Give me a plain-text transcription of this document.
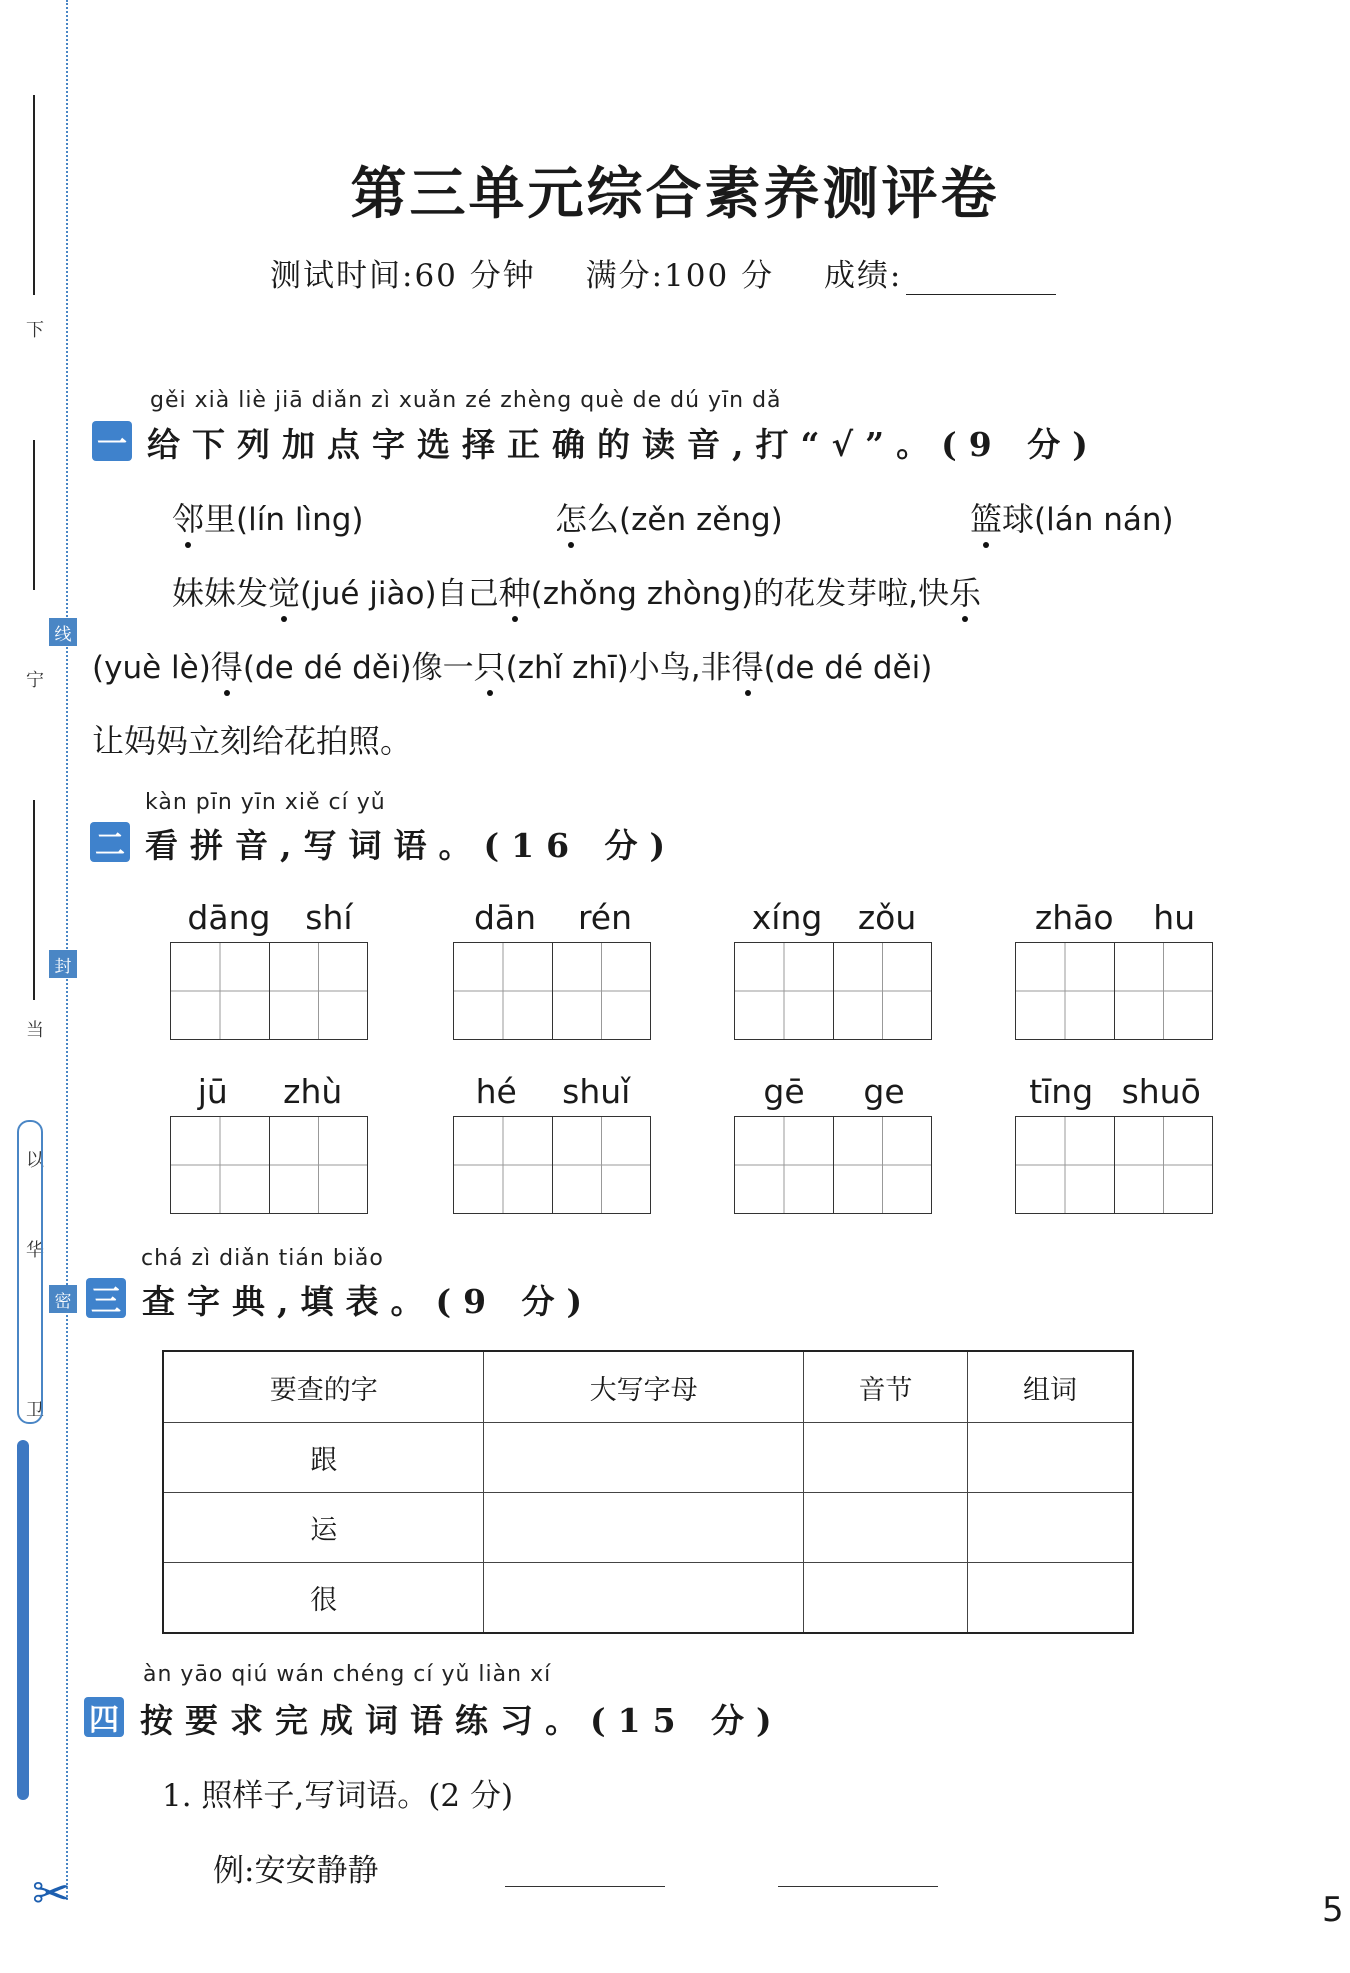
下
宁
当
以
华
卫
线
封
密
✂
第三单元综合素养测评卷
测试时间:60 分钟 满分:100 分 成绩:
gěi xià liè jiā diǎn zì xuǎn zé zhèng què de dú yīn dǎ
一 给下列加点字选择正确的读音,打“√”。(9 分)
邻里(lín lìng)	怎么(zěn zěng)	篮球(lán nán)
妹妹发觉(jué jiào)自己种(zhǒng zhòng)的花发芽啦,快乐
(yuè lè)得(de dé děi)像一只(zhǐ zhī)小鸟,非得(de dé děi)
让妈妈立刻给花拍照。
kàn pīn yīn xiě cí yǔ
二 看拼音,写词语。(16 分)
dāng shí	dān rén	xíng zǒu	zhāo hu
jū zhù	hé shuǐ	gē ge	tīng shuō
chá zì diǎn tián biǎo
三 查字典,填表。(9 分)
要查的字	大写字母	音节	组词
跟			
运			
很			
àn yāo qiú wán chéng cí yǔ liàn xí
四 按要求完成词语练习。(15 分)
1. 照样子,写词语。(2 分)
例:安安静静
5
